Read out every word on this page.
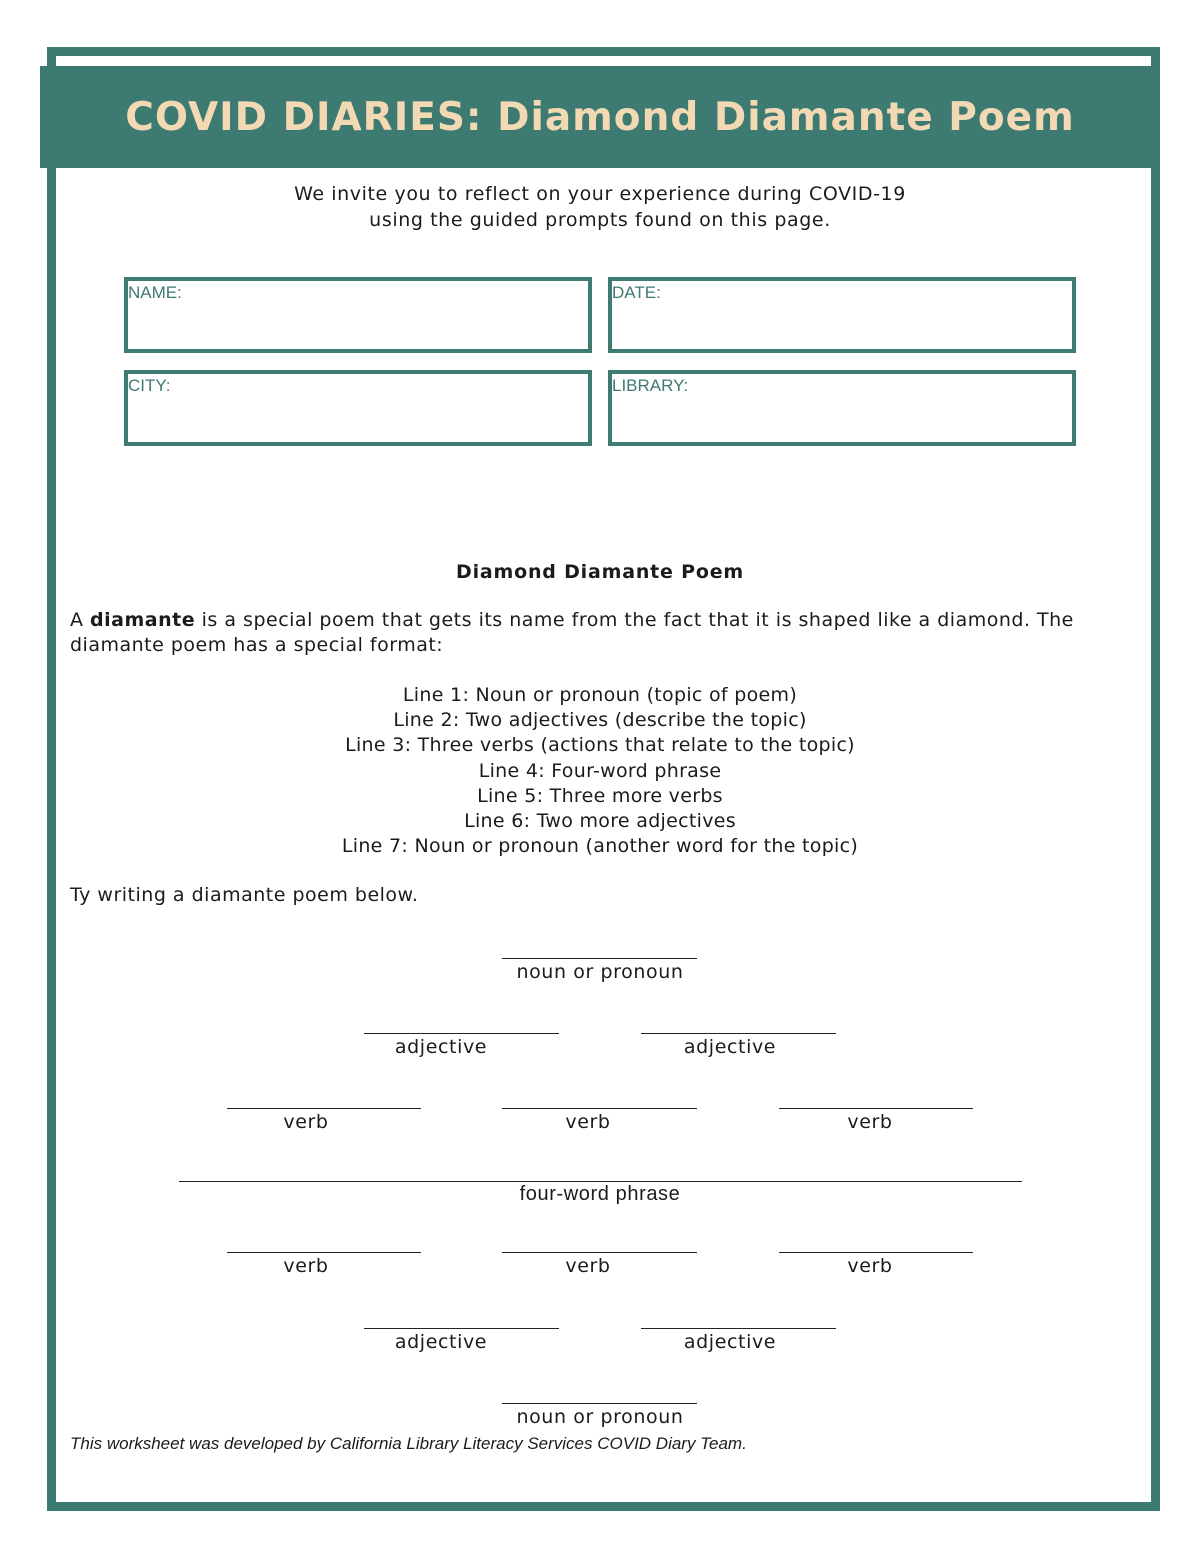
COVID DIARIES: Diamond Diamante Poem
We invite you to reflect on your experience during COVID-19
using the guided prompts found on this page.
NAME:	DATE:
CITY:	LIBRARY:
Diamond Diamante Poem
A diamante is a special poem that gets its name from the fact that it is shaped like a diamond. The diamante poem has a special format:
Line 1: Noun or pronoun (topic of poem)
Line 2: Two adjectives (describe the topic)
Line 3: Three verbs (actions that relate to the topic)
Line 4: Four-word phrase
Line 5: Three more verbs
Line 6: Two more adjectives
Line 7: Noun or pronoun (another word for the topic)
Ty writing a diamante poem below.
noun or pronoun
adjective	adjective
verb	verb	verb
four-word phrase
verb	verb	verb
adjective	adjective
noun or pronoun
This worksheet was developed by California Library Literacy Services COVID Diary Team.
